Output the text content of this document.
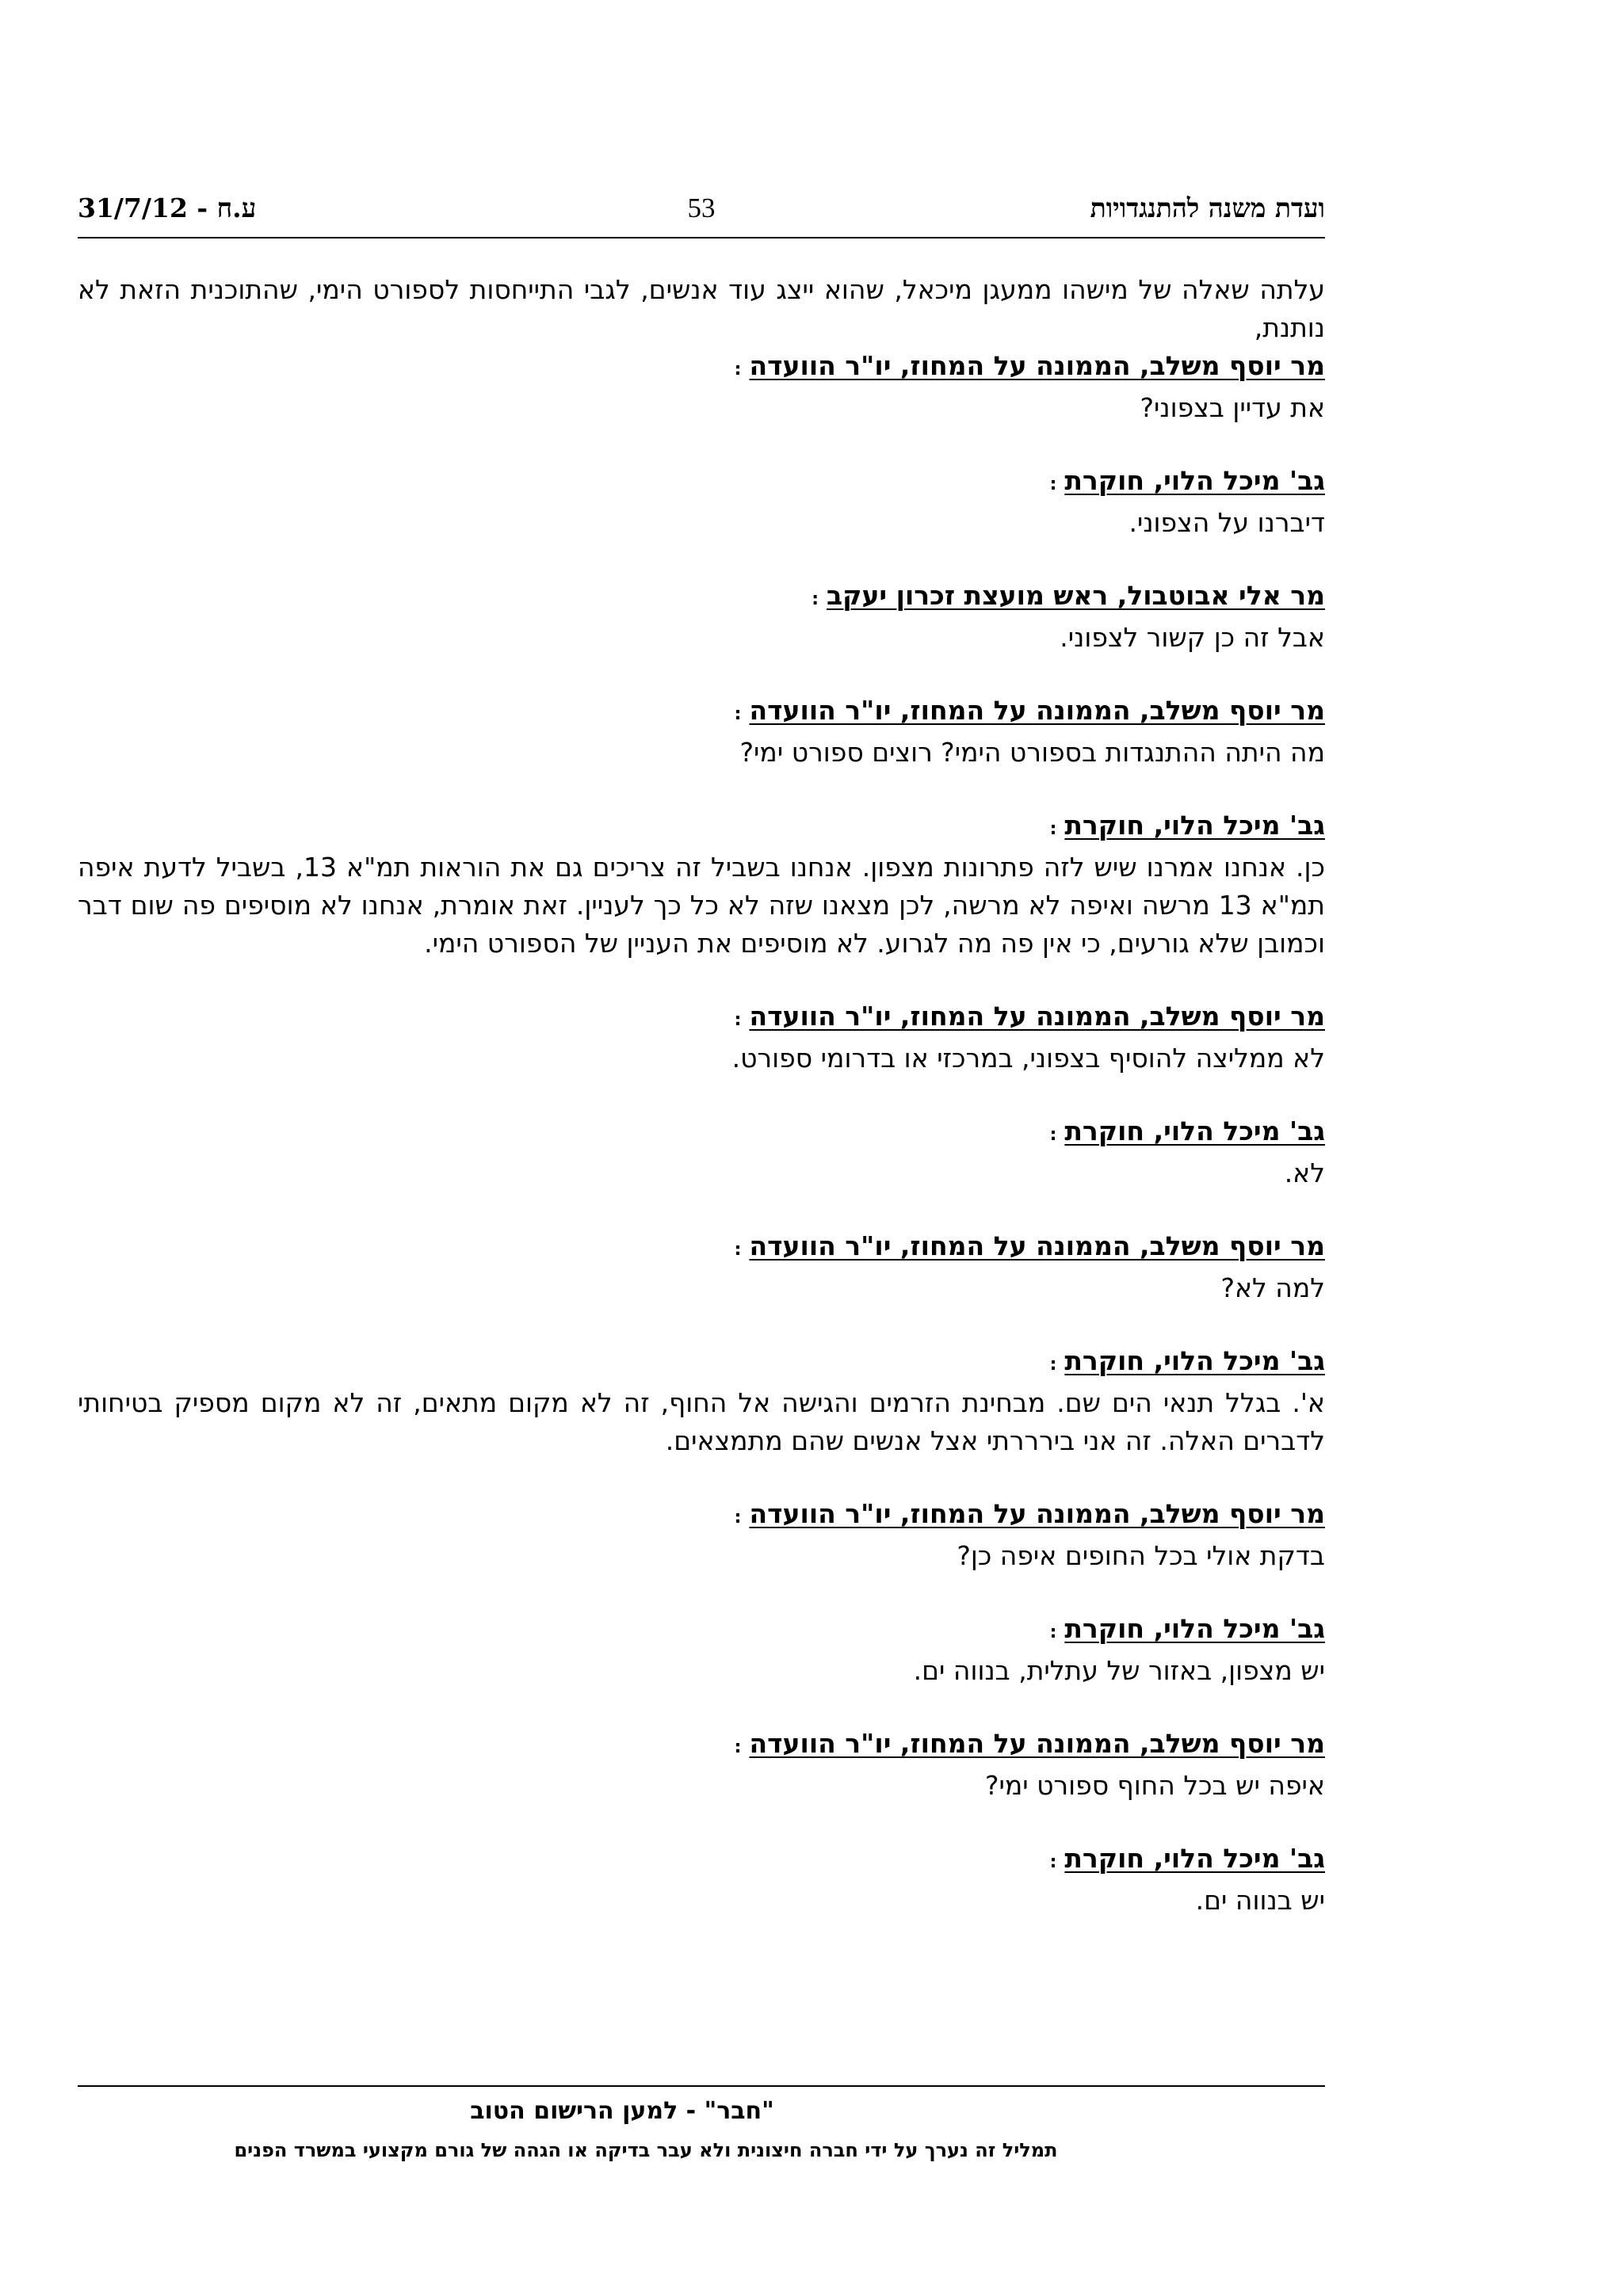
ועדת משנה להתנגדויות
53
31/7/12 - ח.ע

עלתה שאלה של מישהו ממעגן מיכאל, שהוא ייצג עוד אנשים, לגבי התייחסות לספורט הימי, שהתוכנית הזאת לא נותנת,

מר יוסף משלב, הממונה על המחוז, יו"ר הוועדה:

את עדיין בצפוני?

גב' מיכל הלוי, חוקרת:

דיברנו על הצפוני.

מר אלי אבוטבול, ראש מועצת זכרון יעקב:

אבל זה כן קשור לצפוני.

מר יוסף משלב, הממונה על המחוז, יו"ר הוועדה:

מה היתה ההתנגדות בספורט הימי? רוצים ספורט ימי?

גב' מיכל הלוי, חוקרת:

כן. אנחנו אמרנו שיש לזה פתרונות מצפון. אנחנו בשביל זה צריכים גם את הוראות תמ"א 13, בשביל לדעת איפה תמ"א 13 מרשה ואיפה לא מרשה, לכן מצאנו שזה לא כל כך לעניין. זאת אומרת, אנחנו לא מוסיפים פה שום דבר וכמובן שלא גורעים, כי אין פה מה לגרוע. לא מוסיפים את העניין של הספורט הימי.

מר יוסף משלב, הממונה על המחוז, יו"ר הוועדה:

לא ממליצה להוסיף בצפוני, במרכזי או בדרומי ספורט.

גב' מיכל הלוי, חוקרת:

לא.

מר יוסף משלב, הממונה על המחוז, יו"ר הוועדה:

למה לא?

גב' מיכל הלוי, חוקרת:

א'. בגלל תנאי הים שם. מבחינת הזרמים והגישה אל החוף, זה לא מקום מתאים, זה לא מקום מספיק בטיחותי לדברים האלה. זה אני בירררתי אצל אנשים שהם מתמצאים.

מר יוסף משלב, הממונה על המחוז, יו"ר הוועדה:

בדקת אולי בכל החופים איפה כן?

גב' מיכל הלוי, חוקרת:

יש מצפון, באזור של עתלית, בנווה ים.

מר יוסף משלב, הממונה על המחוז, יו"ר הוועדה:

איפה יש בכל החוף ספורט ימי?

גב' מיכל הלוי, חוקרת:

יש בנווה ים.

"חבר" - למען הרישום הטוב
תמליל זה נערך על ידי חברה חיצונית ולא עבר בדיקה או הגהה של גורם מקצועי במשרד הפנים
